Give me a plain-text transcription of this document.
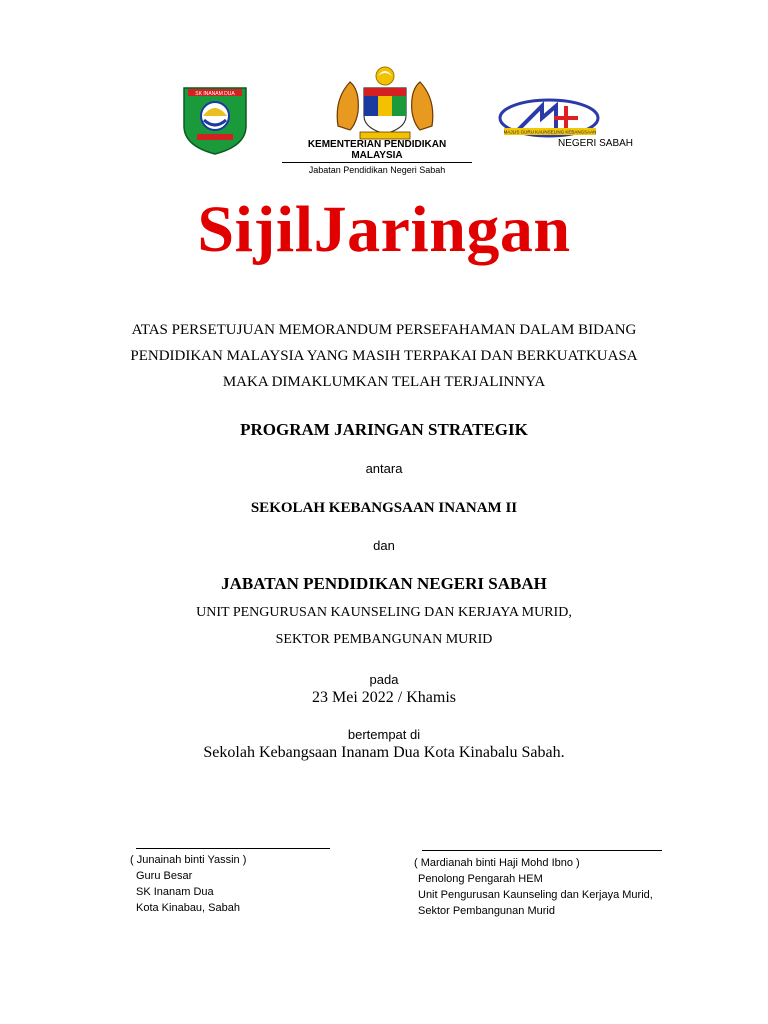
SK INANAM DUA
KEMENTERIAN PENDIDIKAN MALAYSIA
Jabatan Pendidikan Negeri Sabah
MAJLIS GURU KAUNSELING KEBANGSAAN
NEGERI SABAH
SijilJaringan
ATAS PERSETUJUAN MEMORANDUM PERSEFAHAMAN DALAM BIDANG
PENDIDIKAN MALAYSIA YANG MASIH TERPAKAI DAN BERKUATKUASA
MAKA DIMAKLUMKAN TELAH TERJALINNYA
PROGRAM JARINGAN STRATEGIK
antara
SEKOLAH KEBANGSAAN INANAM II
dan
JABATAN PENDIDIKAN NEGERI SABAH
UNIT PENGURUSAN KAUNSELING DAN KERJAYA MURID,
SEKTOR PEMBANGUNAN MURID
pada
23 Mei 2022 / Khamis
bertempat di
Sekolah Kebangsaan Inanam Dua Kota Kinabalu Sabah.
( Junainah binti Yassin )
Guru Besar
SK Inanam Dua
Kota Kinabau, Sabah
( Mardianah binti Haji Mohd Ibno )
Penolong Pengarah HEM
Unit Pengurusan Kaunseling dan Kerjaya Murid,
Sektor Pembangunan Murid
